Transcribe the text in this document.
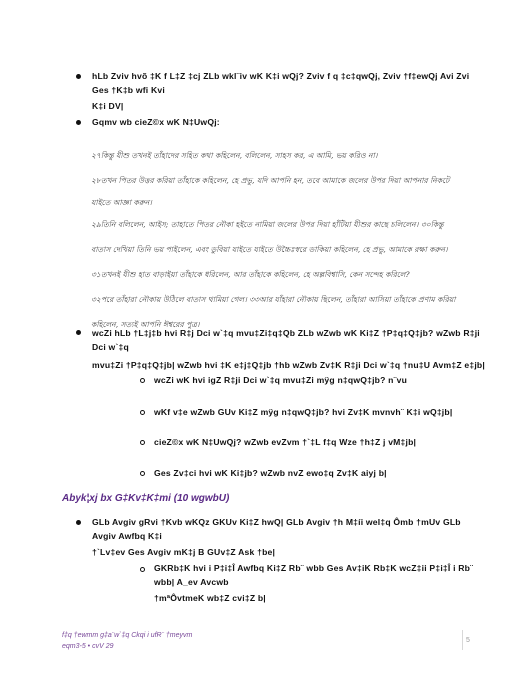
hLb Zviv hvõ ‡K f L‡Z ‡cj ZLb wkl¨iv wK K‡i wQj? Zviv f q ‡c‡qwQj, Zviv †f‡ewQj Avi Zvi Ges †K‡b wfi Kvi
K‡i DV|
Gqmv wb cieZ©x wK N‡UwQj:

২৭কিন্তু যীশু তখনই তাঁহাদের সহিত কথা কহিলেন, বলিলেন, সাহস কর, এ আমি, ভয় করিও না।

২৮তখন পিতর উত্তর করিয়া তাঁহাকে কহিলেন, হে প্রভু, যদি আপনি হন, তবে আমাকে জলের উপর দিয়া আপনার নিকটে

যাইতে আজ্ঞা করুন।

২৯তিনি বলিলেন, আইস; তাহাতে পিতর নৌকা হইতে নামিয়া জলের উপর দিয়া হাঁটিয়া যীশুর কাছে চলিলেন। ৩০কিন্তু

বাতাস দেখিয়া তিনি ভয় পাইলেন, এবং ডুবিয়া যাইতে যাইতে উচ্চৈঃস্বরে ডাকিয়া কহিলেন, হে প্রভু, আমাকে রক্ষা করুন।

৩১তখনই যীশু হাত বাড়াইয়া তাঁহাকে ধরিলেন, আর তাঁহাকে কহিলেন, হে অল্পবিশ্বাসি, কেন সন্দেহ করিলে?

৩২পরে তাঁহারা নৌকায় উঠিলে বাতাস থামিয়া গেল। ৩৩আর যাঁহারা নৌকায় ছিলেন, তাঁহারা আসিয়া তাঁহাকে প্রণাম করিয়া

কহিলেন, সত্যই আপনি ঈশ্বরের পুত্র।

wcZi hLb †L‡j‡b hvi R‡j Dci w`‡q mvu‡Zi‡q‡Qb ZLb wZwb wK Ki‡Z †P‡q‡Q‡jb? wZwb R‡ji Dci w`‡q
mvu‡Zi †P‡q‡Q‡jb| wZwb hvi ‡K e‡j‡Q‡jb †hb wZwb Zv‡K R‡ji Dci w`‡q †nu‡U Avm‡Z e‡jb|
wcZi wK hvi igZ R‡ji Dci w`‡q mvu‡Zi mÿg n‡qwQ‡jb? n¨vu
wKf v‡e wZwb GUv Ki‡Z mÿg n‡qwQ‡jb? hvi Zv‡K mvnvh¨ K‡i wQ‡jb|
cieZ©x wK N‡UwQj? wZwb evZvm †`‡L f‡q Wze †h‡Z j vM‡jb|
Ges Zv‡ci hvi wK Ki‡jb? wZwb nvZ ewo‡q Zv‡K aiyj b|
Abyk¦xj bx G‡Kv‡K‡mi (10 wgwbU)
GLb Avgiv gRvi †Kvb wKQz GKUv Ki‡Z hwQ| GLb Avgiv †h M‡íi wel‡q Ômb †mUv GLb Avgiv Awfbq K‡i
†`Lv‡ev Ges Avgiv mK‡j B GUv‡Z Ask †be|
GKRb‡K hvi i P‡i‡Î Awfbq Ki‡Z Rb¨ wbb Ges Av‡iK Rb‡K wcZ‡ii P‡i‡Î i Rb¨ wbb| A_ev Avcwb
†mªÔvtmeK wb‡Z cvi‡Z b|
f‡q †ewmm g‡a¨w`‡q Ckqi i ufR¨ †meyvm
eqm3-5 • cvV 29
5
